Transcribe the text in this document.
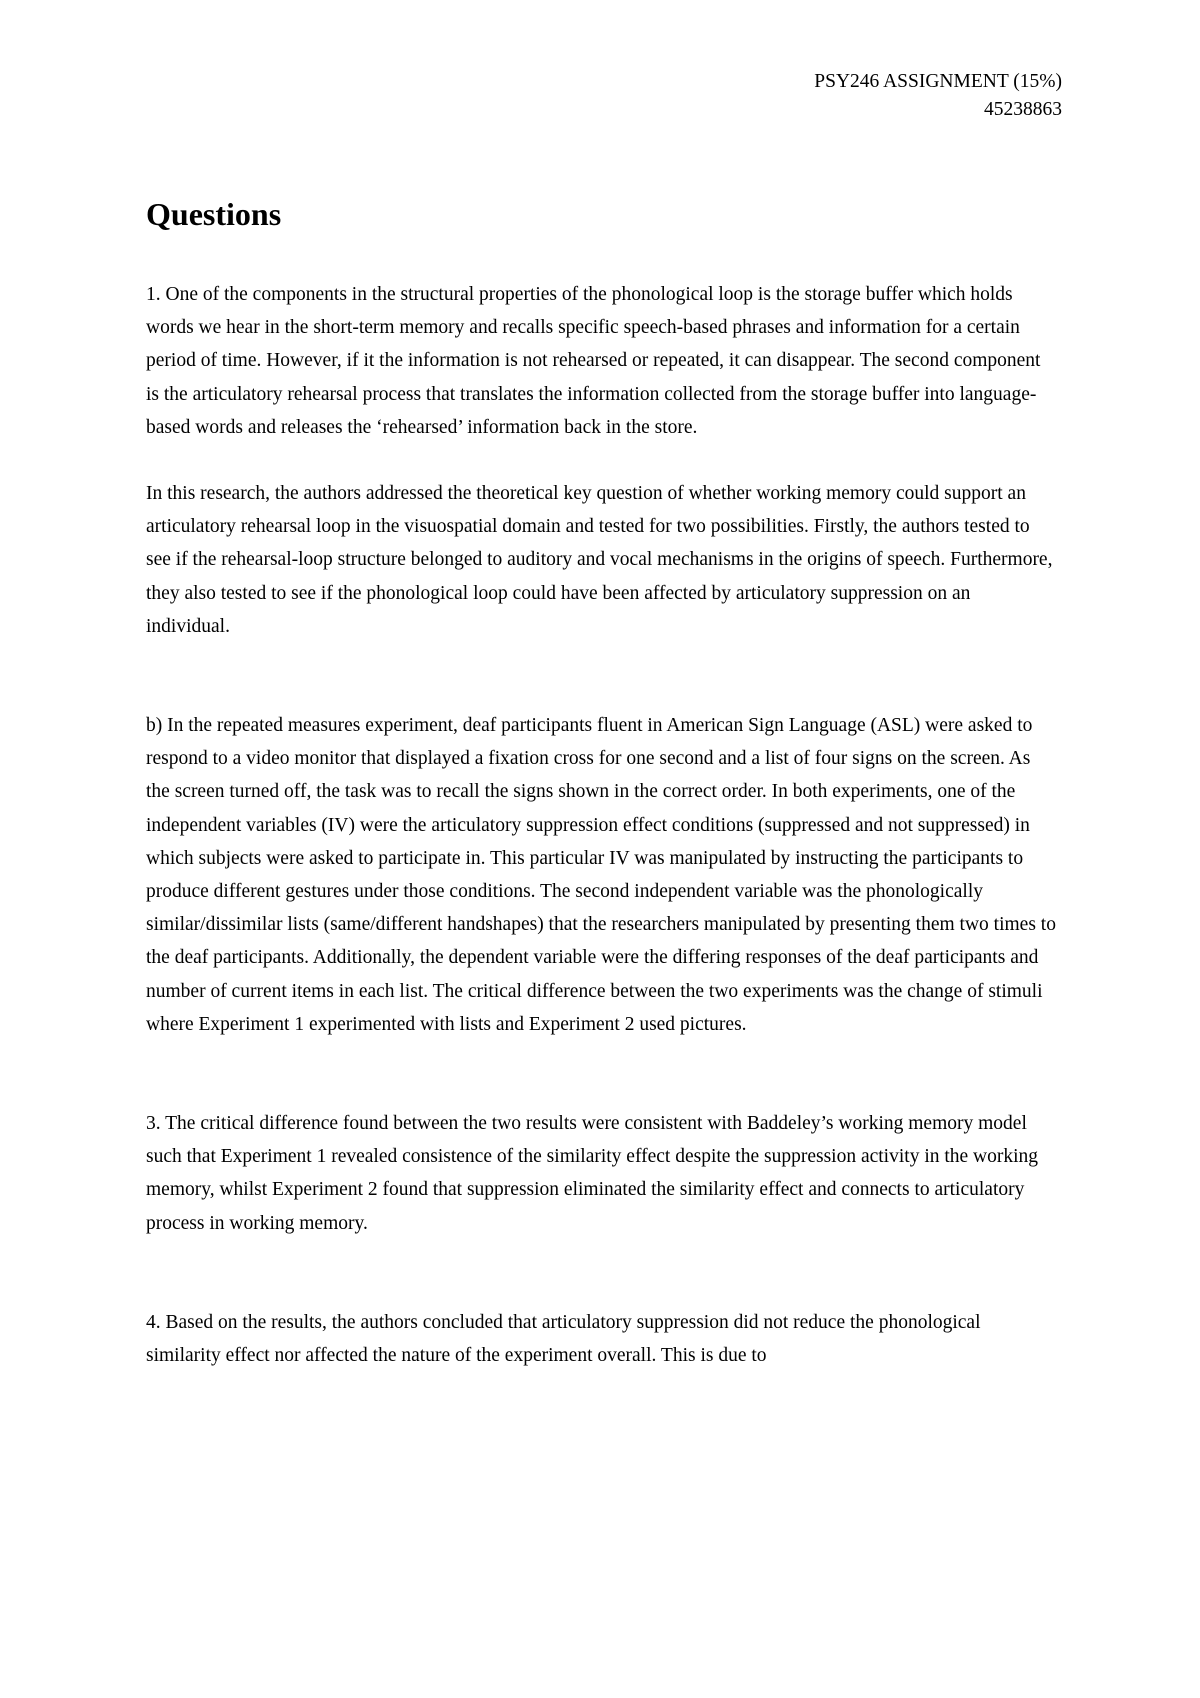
PSY246 ASSIGNMENT (15%)
45238863
Questions

1. One of the components in the structural properties of the phonological loop is the storage buffer which holds words we hear in the short-term memory and recalls specific speech-based phrases and information for a certain period of time. However, if it the information is not rehearsed or repeated, it can disappear. The second component is the articulatory rehearsal process that translates the information collected from the storage buffer into language-based words and releases the ‘rehearsed’ information back in the store.

In this research, the authors addressed the theoretical key question of whether working memory could support an articulatory rehearsal loop in the visuospatial domain and tested for two possibilities. Firstly, the authors tested to see if the rehearsal-loop structure belonged to auditory and vocal mechanisms in the origins of speech. Furthermore, they also tested to see if the phonological loop could have been affected by articulatory suppression on an individual.

b) In the repeated measures experiment, deaf participants fluent in American Sign Language (ASL) were asked to respond to a video monitor that displayed a fixation cross for one second and a list of four signs on the screen. As the screen turned off, the task was to recall the signs shown in the correct order. In both experiments, one of the independent variables (IV) were the articulatory suppression effect conditions (suppressed and not suppressed) in which subjects were asked to participate in. This particular IV was manipulated by instructing the participants to produce different gestures under those conditions. The second independent variable was the phonologically similar/dissimilar lists (same/different handshapes) that the researchers manipulated by presenting them two times to the deaf participants. Additionally, the dependent variable were the differing responses of the deaf participants and number of current items in each list. The critical difference between the two experiments was the change of stimuli where Experiment 1 experimented with lists and Experiment 2 used pictures.

3. The critical difference found between the two results were consistent with Baddeley’s working memory model such that Experiment 1 revealed consistence of the similarity effect despite the suppression activity in the working memory, whilst Experiment 2 found that suppression eliminated the similarity effect and connects to articulatory process in working memory.

4. Based on the results, the authors concluded that articulatory suppression did not reduce the phonological similarity effect nor affected the nature of the experiment overall. This is due to
